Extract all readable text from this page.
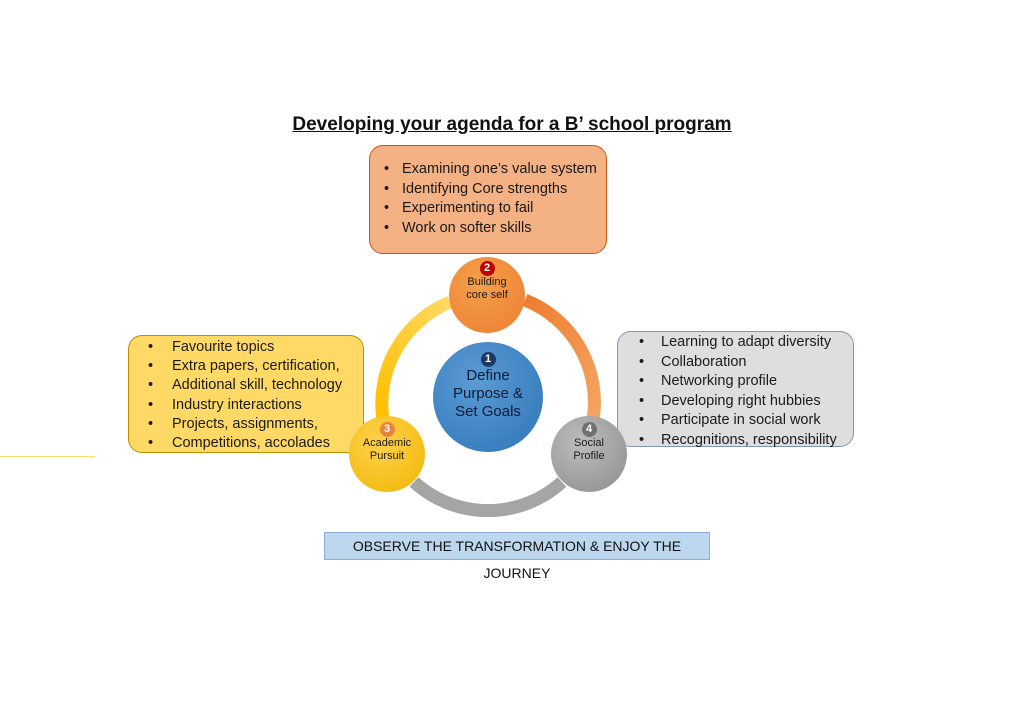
Developing your agenda for a B’ school program
• Examining one’s value system
• Identifying Core strengths
• Experimenting to fail
• Work on softer skills
• Favourite topics
• Extra papers, certification,
• Additional skill, technology
• Industry interactions
• Projects, assignments,
• Competitions, accolades
• Learning to adapt diversity
• Collaboration
• Networking profile
• Developing right hubbies
• Participate in social work
• Recognitions, responsibility
1
Define
Purpose &
Set Goals
2
Building
core self
3
Academic
Pursuit
4
Social
Profile
OBSERVE THE TRANSFORMATION & ENJOY THE JOURNEY
